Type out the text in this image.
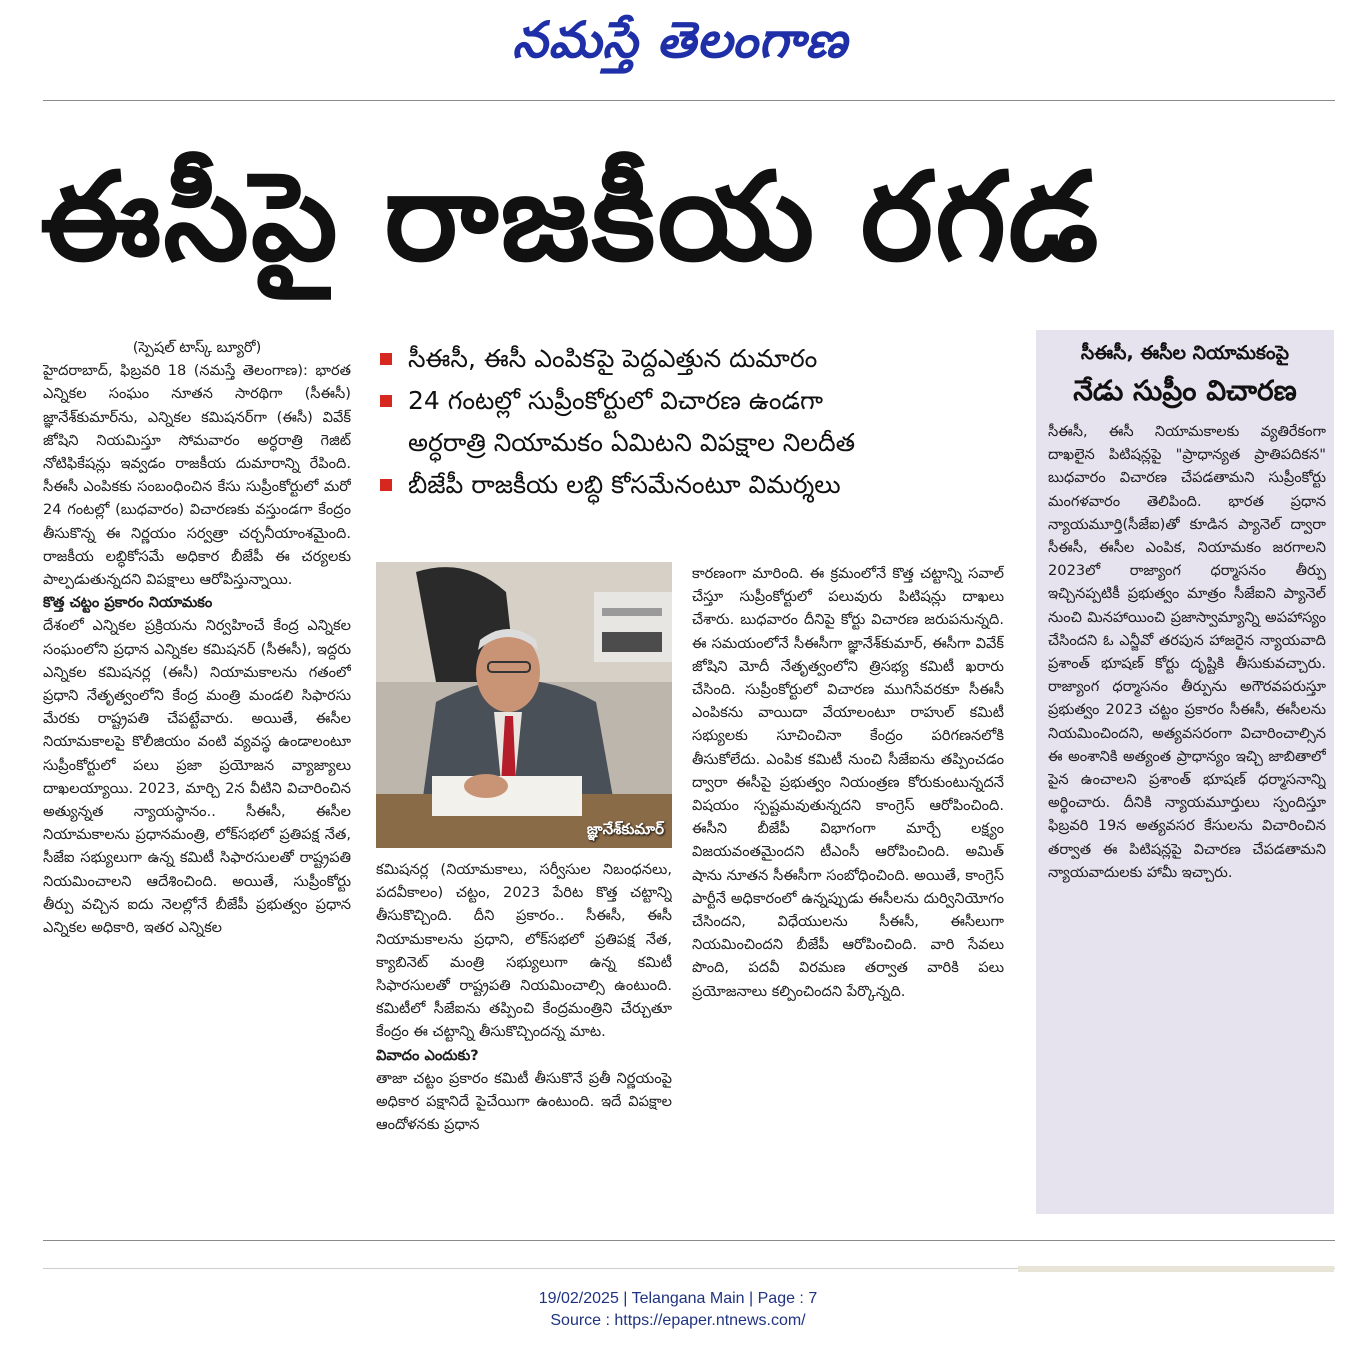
నమస్తే తెలంగాణ
ఈసీపై రాజకీయ రగడ

(స్పెషల్ టాస్క్ బ్యూరో)

హైదరాబాద్, ఫిబ్రవరి 18 (నమస్తే తెలంగాణ): భారత ఎన్నికల సంఘం నూతన సారథిగా (సీఈసీ) జ్ఞానేశ్‌కుమార్‌ను, ఎన్నికల కమిషనర్‌గా (ఈసీ) వివేక్ జోషిని నియమిస్తూ సోమవారం అర్ధరాత్రి గెజిట్ నోటిఫికేషన్లు ఇవ్వడం రాజకీయ దుమారాన్ని రేపింది. సీఈసీ ఎంపికకు సంబంధించిన కేసు సుప్రీంకోర్టులో మరో 24 గంటల్లో (బుధవారం) విచారణకు వస్తుండగా కేంద్రం తీసుకొన్న ఈ నిర్ణయం సర్వత్రా చర్చనీయాంశమైంది. రాజకీయ లబ్ధికోసమే అధికార బీజేపీ ఈ చర్యలకు పాల్పడుతున్నదని విపక్షాలు ఆరోపిస్తున్నాయి.

కొత్త చట్టం ప్రకారం నియామకం

దేశంలో ఎన్నికల ప్రక్రియను నిర్వహించే కేంద్ర ఎన్నికల సంఘంలోని ప్రధాన ఎన్నికల కమిషనర్ (సీఈసీ), ఇద్దరు ఎన్నికల కమిషనర్ల (ఈసీ) నియామకాలను గతంలో ప్రధాని నేతృత్వంలోని కేంద్ర మంత్రి మండలి సిఫారసు మేరకు రాష్ట్రపతి చేపట్టేవారు. అయితే, ఈసీల నియామకాలపై కొలీజియం వంటి వ్యవస్థ ఉండాలంటూ సుప్రీంకోర్టులో పలు ప్రజా ప్రయోజన వ్యాజ్యాలు దాఖలయ్యాయి. 2023, మార్చి 2న వీటిని విచారించిన అత్యున్నత న్యాయస్థానం.. సీఈసీ, ఈసీల నియామకాలను ప్రధానమంత్రి, లోక్‌సభలో ప్రతిపక్ష నేత, సీజేఐ సభ్యులుగా ఉన్న కమిటీ సిఫారసులతో రాష్ట్రపతి నియమించాలని ఆదేశించింది. అయితే, సుప్రీంకోర్టు తీర్పు వచ్చిన ఐదు నెలల్లోనే బీజేపీ ప్రభుత్వం ప్రధాన ఎన్నికల అధికారి, ఇతర ఎన్నికల

సీఈసీ, ఈసీ ఎంపికపై పెద్దఎత్తున దుమారం

24 గంటల్లో సుప్రీంకోర్టులో విచారణ ఉండగా

అర్ధరాత్రి నియామకం ఏమిటని విపక్షాల నిలదీత

బీజేపీ రాజకీయ లబ్ధి కోసమేనంటూ విమర్శలు

జ్ఞానేశ్‌కుమార్

కమిషనర్ల (నియామకాలు, సర్వీసుల నిబంధనలు, పదవీకాలం) చట్టం, 2023 పేరిట కొత్త చట్టాన్ని తీసుకొచ్చింది. దీని ప్రకారం.. సీఈసీ, ఈసీ నియామకాలను ప్రధాని, లోక్‌సభలో ప్రతిపక్ష నేత, క్యాబినెట్ మంత్రి సభ్యులుగా ఉన్న కమిటీ సిఫారసులతో రాష్ట్రపతి నియమించాల్సి ఉంటుంది. కమిటీలో సీజేఐను తప్పించి కేంద్రమంత్రిని చేర్చుతూ కేంద్రం ఈ చట్టాన్ని తీసుకొచ్చిందన్న మాట.

వివాదం ఎందుకు?

తాజా చట్టం ప్రకారం కమిటీ తీసుకొనే ప్రతీ నిర్ణయంపై అధికార పక్షానిదే పైచేయిగా ఉంటుంది. ఇదే విపక్షాల ఆందోళనకు ప్రధాన

కారణంగా మారింది. ఈ క్రమంలోనే కొత్త చట్టాన్ని సవాల్ చేస్తూ సుప్రీంకోర్టులో పలువురు పిటిషన్లు దాఖలు చేశారు. బుధవారం దీనిపై కోర్టు విచారణ జరుపనున్నది. ఈ సమయంలోనే సీఈసీగా జ్ఞానేశ్‌కుమార్, ఈసీగా వివేక్ జోషిని మోదీ నేతృత్వంలోని త్రిసభ్య కమిటీ ఖరారు చేసింది. సుప్రీంకోర్టులో విచారణ ముగిసేవరకూ సీఈసీ ఎంపికను వాయిదా వేయాలంటూ రాహుల్ కమిటీ సభ్యులకు సూచించినా కేంద్రం పరిగణనలోకి తీసుకోలేదు. ఎంపిక కమిటీ నుంచి సీజేఐను తప్పించడం ద్వారా ఈసీపై ప్రభుత్వం నియంత్రణ కోరుకుంటున్నదనే విషయం స్పష్టమవుతున్నదని కాంగ్రెస్ ఆరోపించింది. ఈసీని బీజేపీ విభాగంగా మార్చే లక్ష్యం విజయవంతమైందని టీఎంసీ ఆరోపించింది. అమిత్ షాను నూతన సీఈసీగా సంబోధించింది. అయితే, కాంగ్రెస్ పార్టీనే అధికారంలో ఉన్నప్పుడు ఈసీలను దుర్వినియోగం చేసిందని, విధేయులను సీఈసీ, ఈసీలుగా నియమించిందని బీజేపీ ఆరోపించింది. వారి సేవలు పొంది, పదవీ విరమణ తర్వాత వారికి పలు ప్రయోజనాలు కల్పించిందని పేర్కొన్నది.

సీఈసీ, ఈసీల నియామకంపై

నేడు సుప్రీం విచారణ

సీఈసీ, ఈసీ నియామకాలకు వ్యతిరేకంగా దాఖలైన పిటిషన్లపై "ప్రాధాన్యత ప్రాతిపదికన" బుధవారం విచారణ చేపడతామని సుప్రీంకోర్టు మంగళవారం తెలిపింది. భారత ప్రధాన న్యాయమూర్తి(సీజేఐ)తో కూడిన ప్యానెల్ ద్వారా సీఈసీ, ఈసీల ఎంపిక, నియామకం జరగాలని 2023లో రాజ్యాంగ ధర్మాసనం తీర్పు ఇచ్చినప్పటికీ ప్రభుత్వం మాత్రం సీజేఐని ప్యానెల్ నుంచి మినహాయించి ప్రజాస్వామ్యాన్ని అపహాస్యం చేసిందని ఓ ఎన్జీవో తరపున హాజరైన న్యాయవాది ప్రశాంత్ భూషణ్ కోర్టు దృష్టికి తీసుకువచ్చారు. రాజ్యాంగ ధర్మాసనం తీర్పును అగౌరవపరుస్తూ ప్రభుత్వం 2023 చట్టం ప్రకారం సీఈసీ, ఈసీలను నియమించిందని, అత్యవసరంగా విచారించాల్సిన ఈ అంశానికి అత్యంత ప్రాధాన్యం ఇచ్చి జాబితాలో పైన ఉంచాలని ప్రశాంత్ భూషణ్ ధర్మాసనాన్ని అర్థించారు. దీనికి న్యాయమూర్తులు స్పందిస్తూ ఫిబ్రవరి 19న అత్యవసర కేసులను విచారించిన తర్వాత ఈ పిటిషన్లపై విచారణ చేపడతామని న్యాయవాదులకు హామీ ఇచ్చారు.

19/02/2025 | Telangana Main | Page : 7
Source : https://epaper.ntnews.com/
